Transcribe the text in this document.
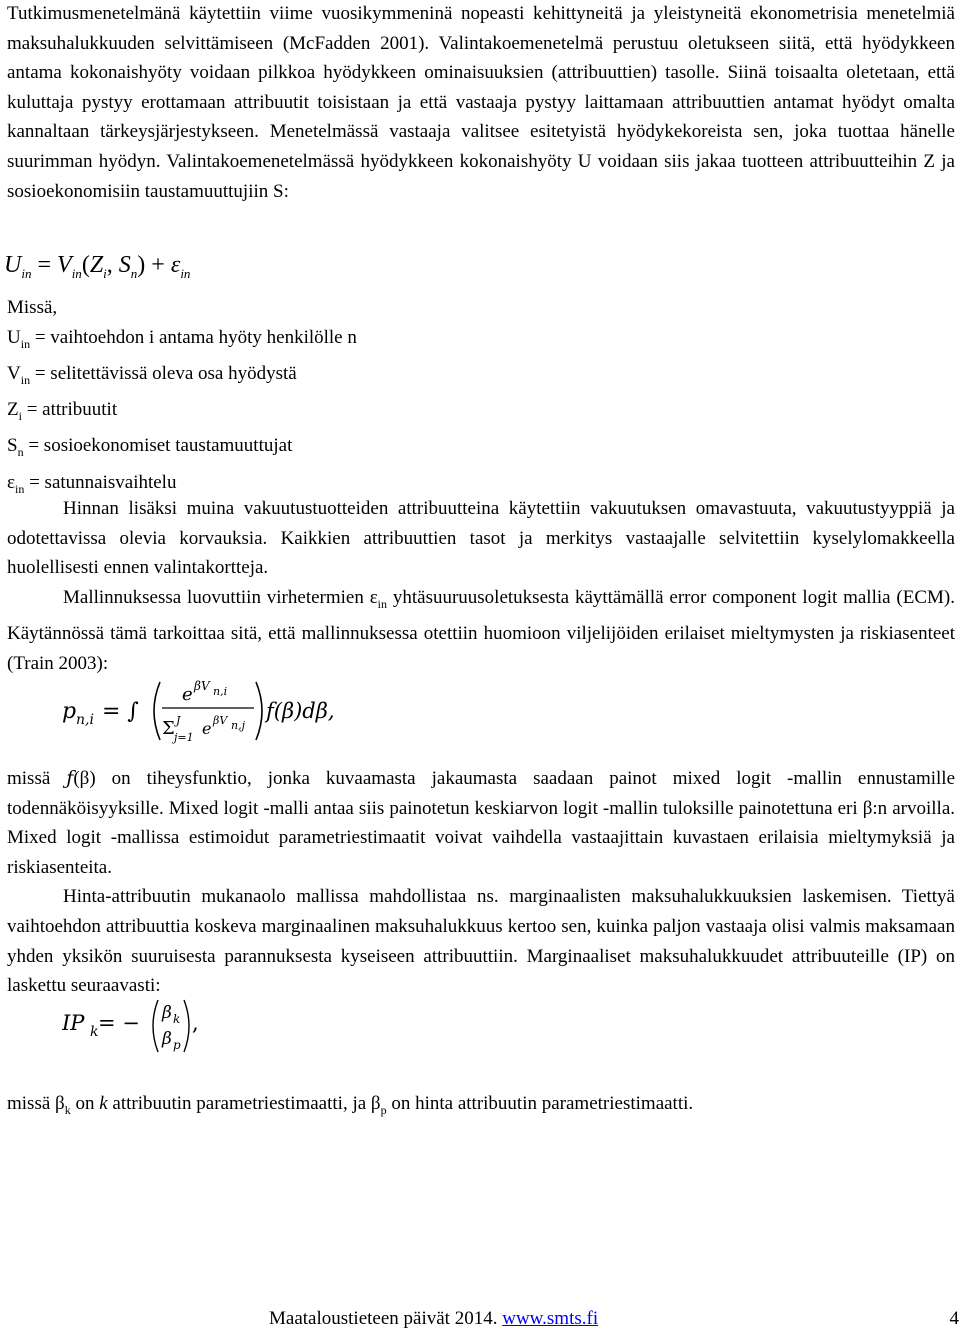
Tutkimusmenetelmänä käytettiin viime vuosikymmeninä nopeasti kehittyneitä ja yleistyneitä ekonometrisia menetelmiä maksuhalukkuuden selvittämiseen (McFadden 2001). Valintakoemenetelmä perustuu oletukseen siitä, että hyödykkeen antama kokonaishyöty voidaan pilkkoa hyödykkeen ominaisuuksien (attribuuttien) tasolle. Siinä toisaalta oletetaan, että kuluttaja pystyy erottamaan attribuutit toisistaan ja että vastaaja pystyy laittamaan attribuuttien antamat hyödyt omalta kannaltaan tärkeysjärjestykseen. Menetelmässä vastaaja valitsee esitetyistä hyödykekoreista sen, joka tuottaa hänelle suurimman hyödyn. Valintakoemenetelmässä hyödykkeen kokonaishyöty U voidaan siis jakaa tuotteen attribuutteihin Z ja sosioekonomisiin taustamuuttujiin S:

$U_{in} = V_{in}(Z_i$, $S_n) + \varepsilon_{in}$
Missä,
$U_{in}$ = vaihtoehdon i antama hyöty henkilölle n
$V_{in}$ = selitettävissä oleva osa hyödystä
$Z_i$ = attribuutit
$S_n$ = sosioekonomiset taustamuuttujat
$\varepsilon_{in}$ = satunnaisvaihtelu

Hinnan lisäksi muina vakuutustuotteiden attribuutteina käytettiin vakuutuksen omavastuuta, vakuutustyyppiä ja odotettavissa olevia korvauksia. Kaikkien attribuuttien tasot ja merkitys vastaajalle selvitettiin kyselylomakkeella huolellisesti ennen valintakortteja.

Mallinnuksessa luovuttiin virhetermien $\varepsilon_{in}$ yhtäsuuruusoletuksesta käyttämällä error component logit mallia (ECM). Käytännössä tämä tarkoittaa sitä, että mallinnuksessa otettiin huomioon viljelijöiden erilaiset mieltymysten ja riskiasenteet (Train 2003):

p n,i = ∫
e βV n,i
Σ J
j=1 e βV n,j
f(β)dβ,

missä ƒ(β) on tiheysfunktio, jonka kuvaamasta jakaumasta saadaan painot mixed logit -mallin ennustamille todennäköisyyksille. Mixed logit -malli antaa siis painotetun keskiarvon logit -mallin tuloksille painotettuna eri β:n arvoilla. Mixed logit -mallissa estimoidut parametriestimaatit voivat vaihdella vastaajittain kuvastaen erilaisia mieltymyksiä ja riskiasenteita.

Hinta-attribuutin mukanaolo mallissa mahdollistaa ns. marginaalisten maksuhalukkuuksien laskemisen. Tiettyä vaihtoehdon attribuuttia koskeva marginaalinen maksuhalukkuus kertoo sen, kuinka paljon vastaaja olisi valmis maksamaan yhden yksikön suuruisesta parannuksesta kyseiseen attribuuttiin. Marginaaliset maksuhalukkuudet attribuuteille (IP) on laskettu seuraavasti:

IP k = − β k
β p
,

missä $\beta_k$ on k attribuutin parametriestimaatti, ja $\beta_p$ on hinta attribuutin parametriestimaatti.

Maataloustieteen päivät 2014. www.smts.fi	4
